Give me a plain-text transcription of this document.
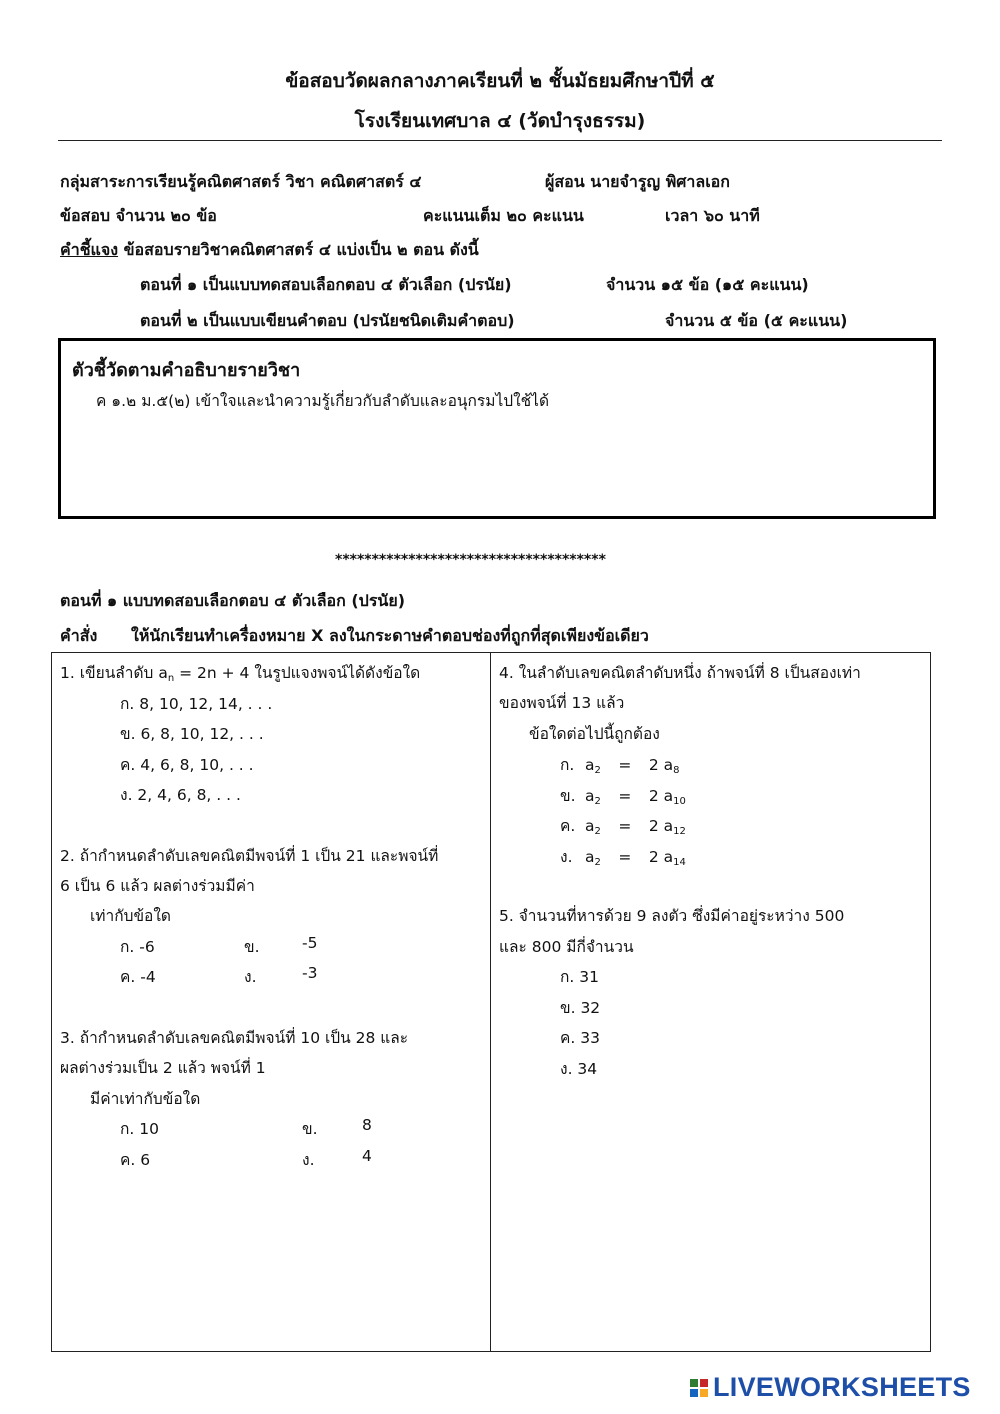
ข้อสอบวัดผลกลางภาคเรียนที่ ๒ ชั้นมัธยมศึกษาปีที่ ๕
โรงเรียนเทศบาล ๔ (วัดบำรุงธรรม)
กลุ่มสาระการเรียนรู้คณิตศาสตร์ วิชา คณิตศาสตร์ ๔	ผู้สอน นายจำรูญ พิศาลเอก
ข้อสอบ จำนวน ๒๐ ข้อ	คะแนนเต็ม ๒๐ คะแนน	เวลา ๖๐ นาที
คำชี้แจง ข้อสอบรายวิชาคณิตศาสตร์ ๔ แบ่งเป็น ๒ ตอน ดังนี้
ตอนที่ ๑ เป็นแบบทดสอบเลือกตอบ ๔ ตัวเลือก (ปรนัย)	จำนวน ๑๕ ข้อ (๑๕ คะแนน)
ตอนที่ ๒ เป็นแบบเขียนคำตอบ (ปรนัยชนิดเติมคำตอบ)	จำนวน ๕ ข้อ (๕ คะแนน)
ตัวชี้วัดตามคำอธิบายรายวิชา
ค ๑.๒ ม.๕(๒) เข้าใจและนำความรู้เกี่ยวกับลำดับและอนุกรมไปใช้ได้
*************************************
ตอนที่ ๑ แบบทดสอบเลือกตอบ ๔ ตัวเลือก (ปรนัย)
คำสั่ง ให้นักเรียนทำเครื่องหมาย X ลงในกระดาษคำตอบช่องที่ถูกที่สุดเพียงข้อเดียว
1. เขียนลำดับ $a_n = 2n + 4$ ในรูปแจงพจน์ได้ดังข้อใด
ก. 8, 10, 12, 14, . . .
ข. 6, 8, 10, 12, . . .
ค. 4, 6, 8, 10, . . .
ง. 2, 4, 6, 8, . . .
2. ถ้ากำหนดลำดับเลขคณิตมีพจน์ที่ 1 เป็น 21 และพจน์ที่
6 เป็น 6 แล้ว ผลต่างร่วมมีค่า
เท่ากับข้อใด
ก. -6	ข.	-5
ค. -4	ง.	-3
3. ถ้ากำหนดลำดับเลขคณิตมีพจน์ที่ 10 เป็น 28 และ
ผลต่างร่วมเป็น 2 แล้ว พจน์ที่ 1
มีค่าเท่ากับข้อใด
ก. 10	ข.	8
ค. 6	ง.	4
4. ในลำดับเลขคณิตลำดับหนึ่ง ถ้าพจน์ที่ 8 เป็นสองเท่า
ของพจน์ที่ 13 แล้ว
ข้อใดต่อไปนี้ถูกต้อง
ก. $a_2 = 2$ $a_8$
ข. $a_2 = 2$ $a_{10}$
ค. $a_2 = 2$ $a_{12}$
ง. $a_2 = 2$ $a_{14}$
5. จำนวนที่หารด้วย 9 ลงตัว ซึ่งมีค่าอยู่ระหว่าง 500
และ 800 มีกี่จำนวน
ก. 31
ข. 32
ค. 33
ง. 34
LIVEWORKSHEETS
